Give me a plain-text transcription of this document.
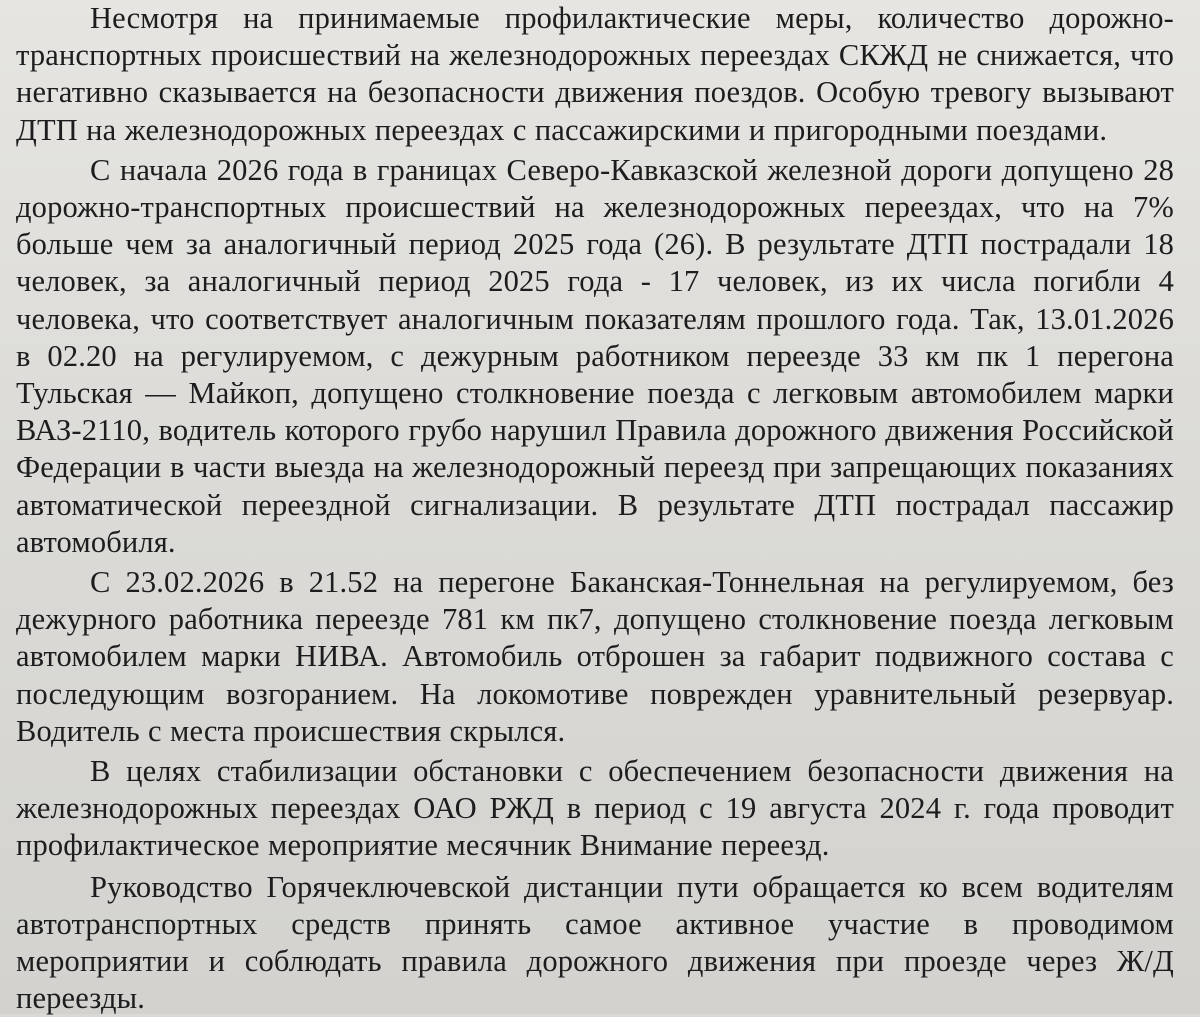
Несмотря на принимаемые профилактические меры, количество дорожно-транспортных происшествий на железнодорожных переездах СКЖД не снижается, что негативно сказывается на безопасности движения поездов. Особую тревогу вызывают ДТП на железнодорожных переездах с пассажирскими и пригородными поездами.

С начала 2026 года в границах Северо-Кавказской железной дороги допущено 28 дорожно-транспортных происшествий на железнодорожных переездах, что на 7% больше чем за аналогичный период 2025 года (26). В результате ДТП пострадали 18 человек, за аналогичный период 2025 года - 17 человек, из их числа погибли 4 человека, что соответствует аналогичным показателям прошлого года. Так, 13.01.2026 в 02.20 на регулируемом, с дежурным работником переезде 33 км пк 1 перегона Тульская — Майкоп, допущено столкновение поезда с легковым автомобилем марки ВАЗ-2110, водитель которого грубо нарушил Правила дорожного движения Российской Федерации в части выезда на железнодорожный переезд при запрещающих показаниях автоматической переездной сигнализации. В результате ДТП пострадал пассажир автомобиля.

С 23.02.2026 в 21.52 на перегоне Баканская-Тоннельная на регулируемом, без дежурного работника переезде 781 км пк7, допущено столкновение поезда легковым автомобилем марки НИВА. Автомобиль отброшен за габарит подвижного состава с последующим возгоранием. На локомотиве поврежден уравнительный резервуар. Водитель с места происшествия скрылся.

В целях стабилизации обстановки с обеспечением безопасности движения на железнодорожных переездах ОАО РЖД в период с 19 августа 2024 г. года проводит профилактическое мероприятие месячник Внимание переезд.

Руководство Горячеключевской дистанции пути обращается ко всем водителям автотранспортных средств принять самое активное участие в проводимом мероприятии и соблюдать правила дорожного движения при проезде через Ж/Д переезды.
